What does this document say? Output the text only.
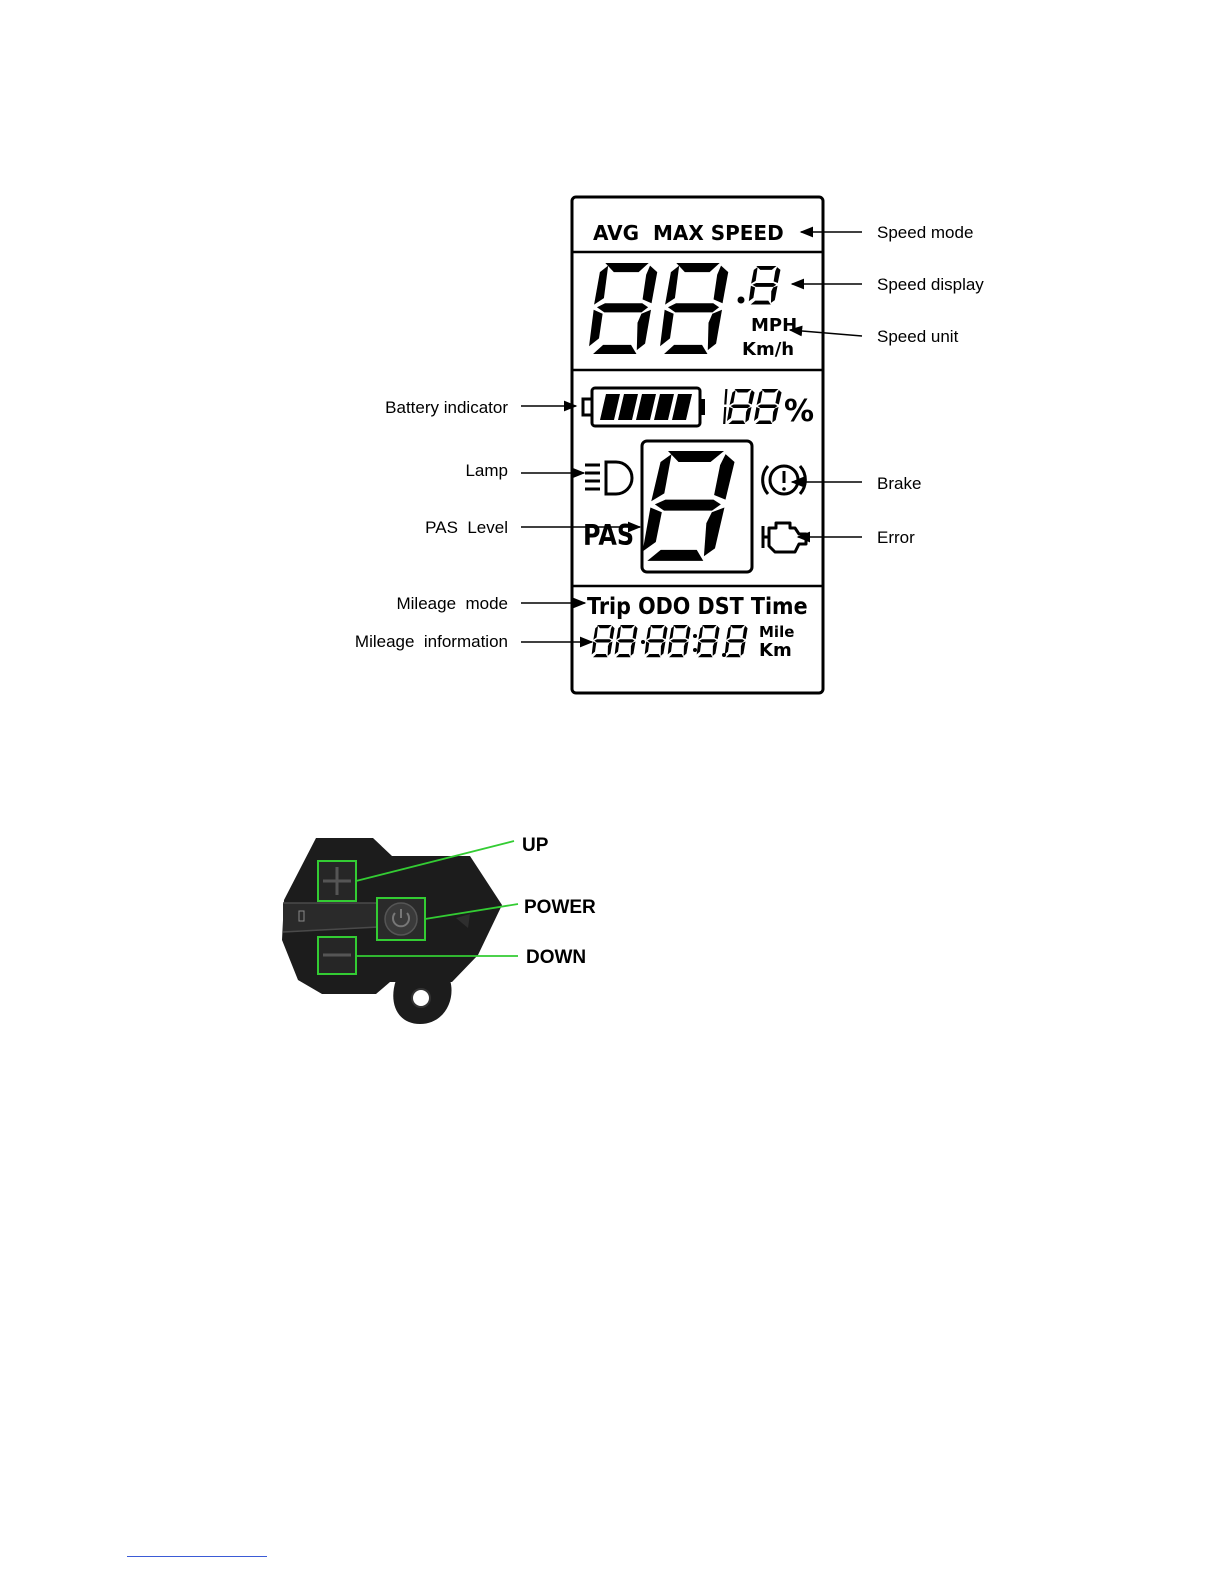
AVG  MAX SPEED
MPH
Km/h
%
PAS
Trip ODO DST Time
Mile
Km
Speed mode
Speed display
Speed unit
Brake
Error
Battery indicator
Lamp
PAS  Level
Mileage  mode
Mileage  information
UP
POWER
DOWN
